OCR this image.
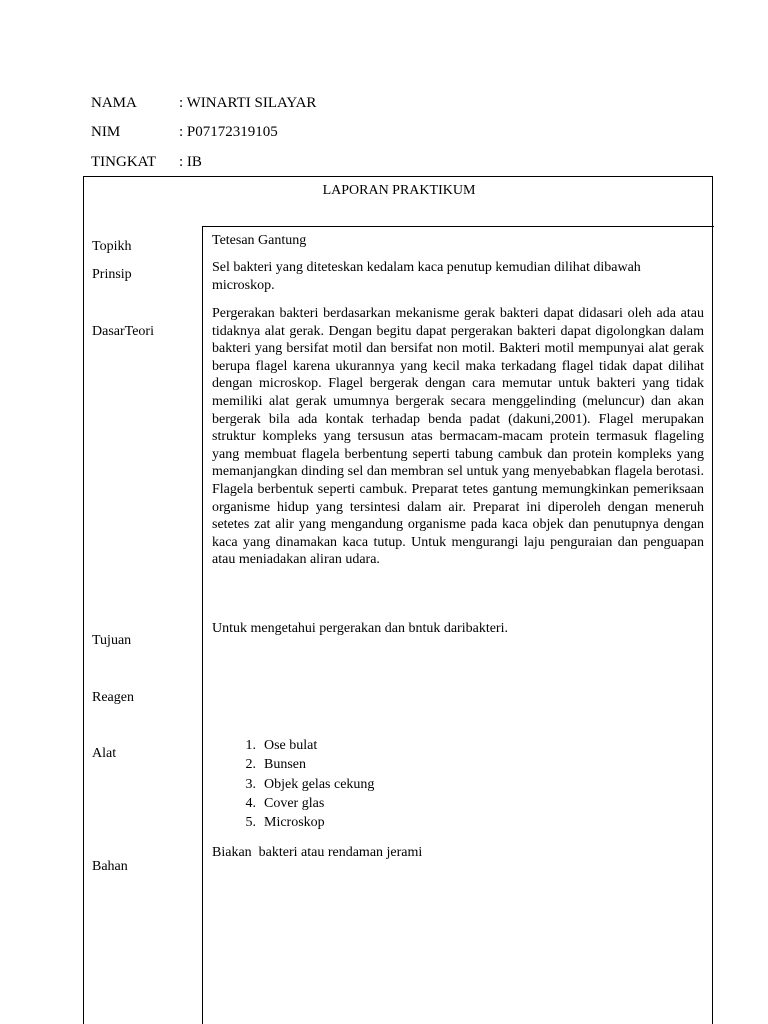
NAMA	: WINARTI SILAYAR
NIM	: P07172319105
TINGKAT : IB
LAPORAN PRAKTIKUM
Topikh
Prinsip
DasarTeori
Tujuan
Reagen
Alat
Bahan
Tetesan Gantung
Sel bakteri yang diteteskan kedalam kaca penutup kemudian dilihat dibawah microskop.
Pergerakan bakteri berdasarkan mekanisme gerak bakteri dapat didasari oleh ada atau tidaknya alat gerak. Dengan begitu dapat pergerakan bakteri dapat digolongkan dalam bakteri yang bersifat motil dan bersifat non motil. Bakteri motil mempunyai alat gerak berupa flagel karena ukurannya yang kecil maka terkadang flagel tidak dapat dilihat dengan microskop. Flagel bergerak dengan cara memutar untuk bakteri yang tidak memiliki alat gerak umumnya bergerak secara menggelinding (meluncur) dan akan bergerak bila ada kontak terhadap benda padat (dakuni,2001). Flagel merupakan struktur kompleks yang tersusun atas bermacam-macam protein termasuk flageling yang membuat flagela berbentung seperti tabung cambuk dan protein kompleks yang memanjangkan dinding sel dan membran sel untuk yang menyebabkan flagela berotasi. Flagela berbentuk seperti cambuk. Preparat tetes gantung memungkinkan pemeriksaan organisme hidup yang tersintesi dalam air. Preparat ini diperoleh dengan meneruh setetes zat alir yang mengandung organisme pada kaca objek dan penutupnya dengan kaca yang dinamakan kaca tutup. Untuk mengurangi laju penguraian dan penguapan atau meniadakan aliran udara.
Untuk mengetahui pergerakan dan bntuk daribakteri.
1. Ose bulat
2. Bunsen
3. Objek gelas cekung
4. Cover glas
5. Microskop
Biakan  bakteri atau rendaman jerami
